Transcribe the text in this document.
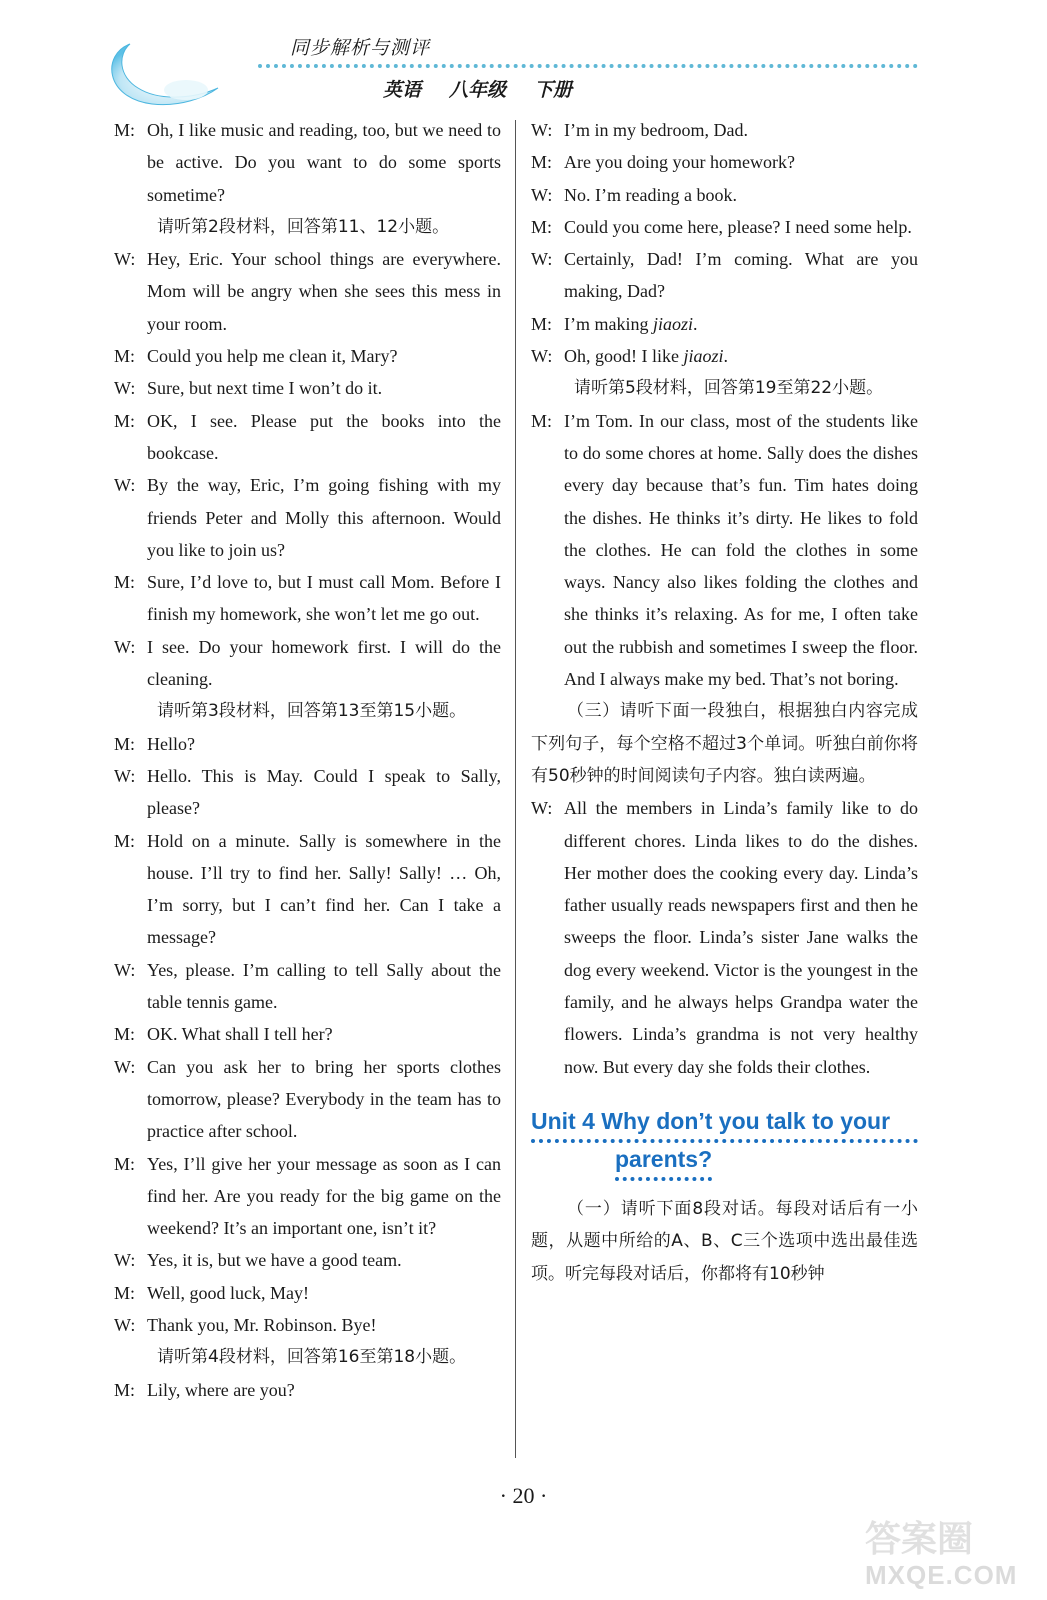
同步解析与测评
英语 八年级 下册
M: Oh, I like music and reading, too, but we need to be active. Do you want to do some sports sometime?
请听第2段材料，回答第11、12小题。
W: Hey, Eric. Your school things are everywhere. Mom will be angry when she sees this mess in your room.
M: Could you help me clean it, Mary?
W: Sure, but next time I won’t do it.
M: OK, I see. Please put the books into the bookcase.
W: By the way, Eric, I’m going fishing with my friends Peter and Molly this afternoon. Would you like to join us?
M: Sure, I’d love to, but I must call Mom. Before I finish my homework, she won’t let me go out.
W: I see. Do your homework first. I will do the cleaning.
请听第3段材料，回答第13至第15小题。
M: Hello?
W: Hello. This is May. Could I speak to Sally, please?
M: Hold on a minute. Sally is somewhere in the house. I’ll try to find her. Sally! Sally! … Oh, I’m sorry, but I can’t find her. Can I take a message?
W: Yes, please. I’m calling to tell Sally about the table tennis game.
M: OK. What shall I tell her?
W: Can you ask her to bring her sports clothes tomorrow, please? Everybody in the team has to practice after school.
M: Yes, I’ll give her your message as soon as I can find her. Are you ready for the big game on the weekend? It’s an important one, isn’t it?
W: Yes, it is, but we have a good team.
M: Well, good luck, May!
W: Thank you, Mr. Robinson. Bye!
请听第4段材料，回答第16至第18小题。
M: Lily, where are you?
W: I’m in my bedroom, Dad.
M: Are you doing your homework?
W: No. I’m reading a book.
M: Could you come here, please? I need some help.
W: Certainly, Dad! I’m coming. What are you making, Dad?
M: I’m making jiaozi.
W: Oh, good! I like jiaozi.
请听第5段材料，回答第19至第22小题。
M: I’m Tom. In our class, most of the students like to do some chores at home. Sally does the dishes every day because that’s fun. Tim hates doing the dishes. He thinks it’s dirty. He likes to fold the clothes. He can fold the clothes in some ways. Nancy also likes folding the clothes and she thinks it’s relaxing. As for me, I often take out the rubbish and sometimes I sweep the floor. And I always make my bed. That’s not boring.
（三）请听下面一段独白，根据独白内容完成下列句子，每个空格不超过3个单词。听独白前你将有50秒钟的时间阅读句子内容。独白读两遍。
W: All the members in Linda’s family like to do different chores. Linda likes to do the dishes. Her mother does the cooking every day. Linda’s father usually reads newspapers first and then he sweeps the floor. Linda’s sister Jane walks the dog every weekend. Victor is the youngest in the family, and he always helps Grandpa water the flowers. Linda’s grandma is not very healthy now. But every day she folds their clothes.
Unit 4 Why don’t you talk to your
parents?
（一）请听下面8段对话。每段对话后有一小题，从题中所给的A、B、C三个选项中选出最佳选项。听完每段对话后，你都将有10秒钟
· 20 ·
答案圈
MXQE.COM
